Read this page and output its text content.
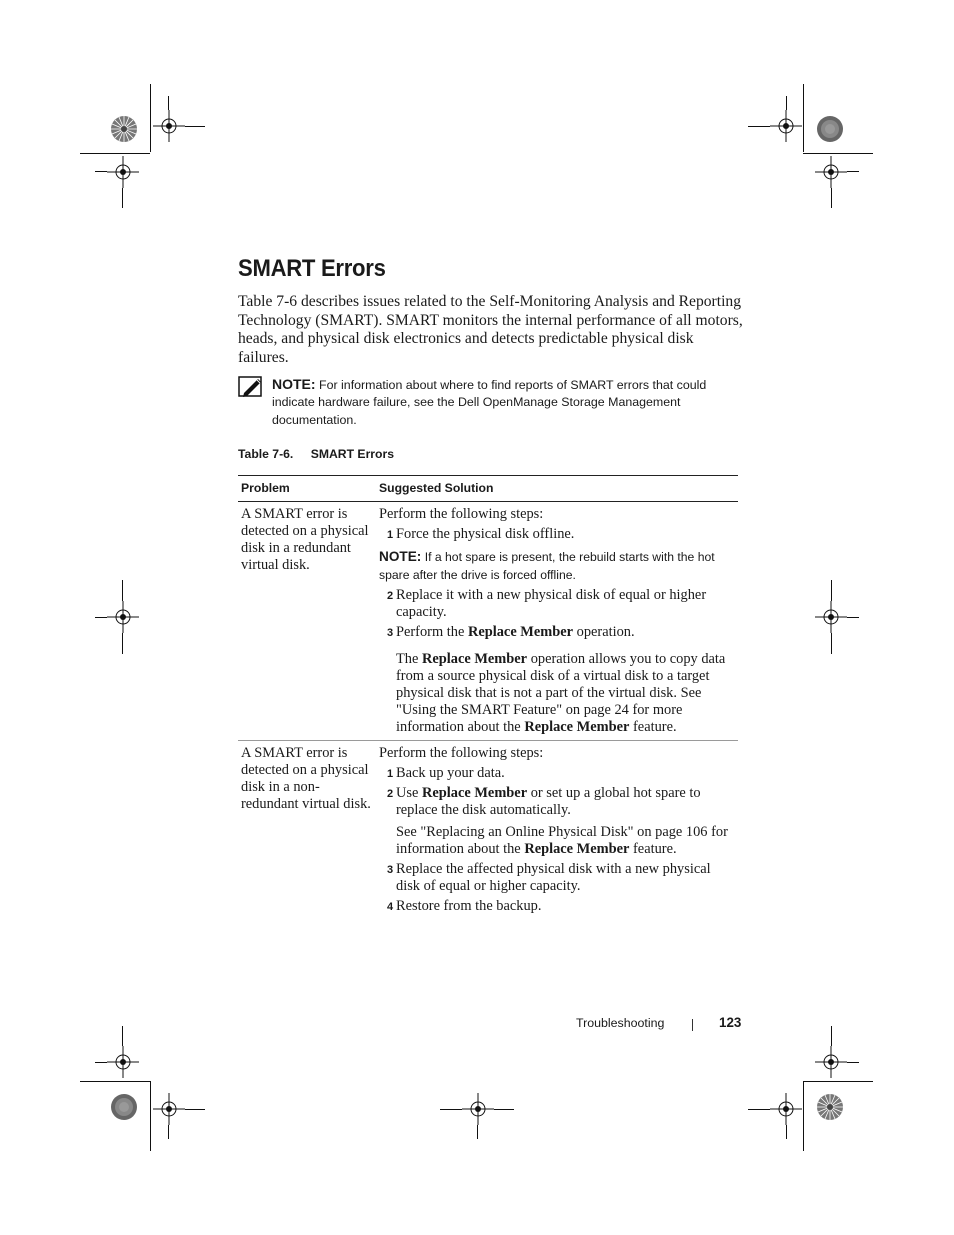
SMART Errors

Table 7-6 describes issues related to the Self-Monitoring Analysis and Reporting Technology (SMART). SMART monitors the internal performance of all motors, heads, and physical disk electronics and detects predictable physical disk failures.

NOTE: For information about where to find reports of SMART errors that could indicate hardware failure, see the Dell OpenManage Storage Management documentation.
Table 7-6. SMART Errors
Problem	Suggested Solution
A SMART error is detected on a physical disk in a redundant virtual disk.
Perform the following steps:
1 Force the physical disk offline.
NOTE: If a hot spare is present, the rebuild starts with the hot spare after the drive is forced offline.
2 Replace it with a new physical disk of equal or higher capacity.
3 Perform the Replace Member operation.
The Replace Member operation allows you to copy data from a source physical disk of a virtual disk to a target physical disk that is not a part of the virtual disk. See "Using the SMART Feature" on page 24 for more information about the Replace Member feature.
A SMART error is detected on a physical disk in a non-redundant virtual disk.
Perform the following steps:
1 Back up your data.
2 Use Replace Member or set up a global hot spare to replace the disk automatically.
See "Replacing an Online Physical Disk" on page 106 for information about the Replace Member feature.
3 Replace the affected physical disk with a new physical disk of equal or higher capacity.
4 Restore from the backup.
Troubleshooting	123
